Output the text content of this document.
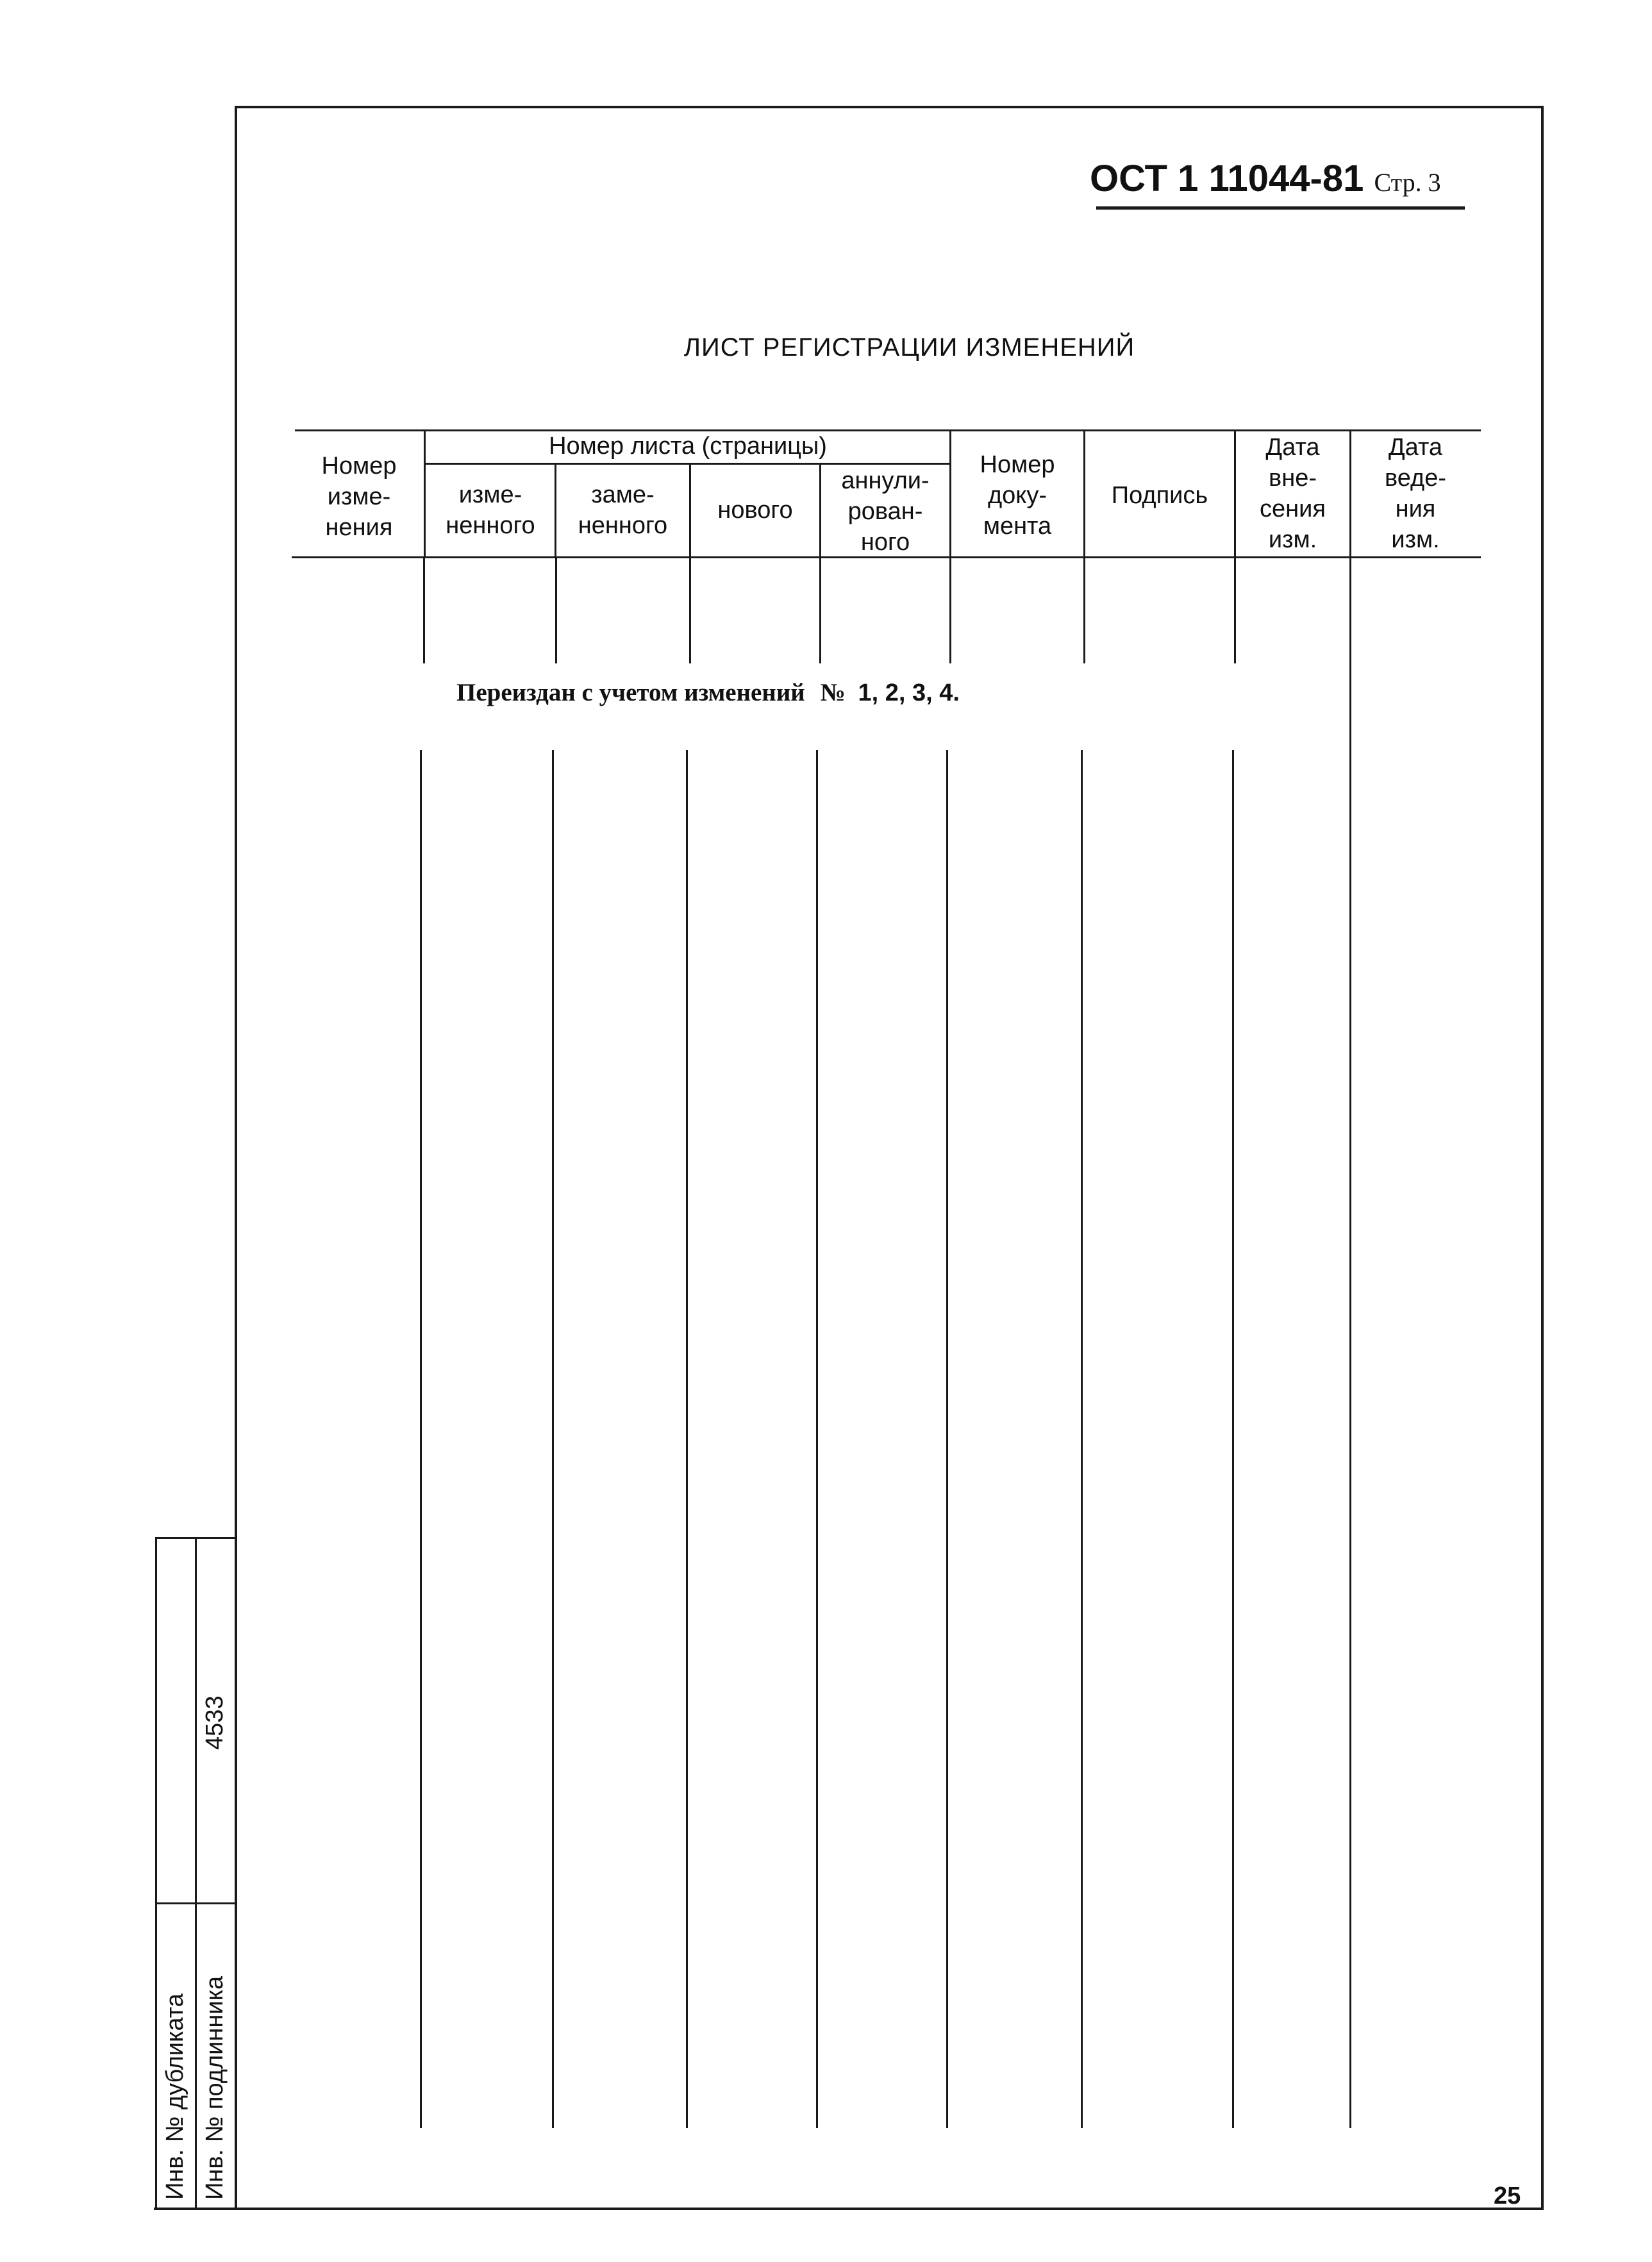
ОСТ 1 11044-81 Стр. 3
ЛИСТ РЕГИСТРАЦИИ ИЗМЕНЕНИЙ
Номер
изме-
нения
Номер листа (страницы)
изме-
ненного
заме-
ненного
нового
аннули-
рован-
ного
Номер
доку-
мента
Подпись
Дата
вне-
сения
изм.
Дата
веде-
ния
изм.
Переиздан с учетом изменений № 1, 2, 3, 4.
Инв. № дубликата Инв. № подлинника
4533
25
